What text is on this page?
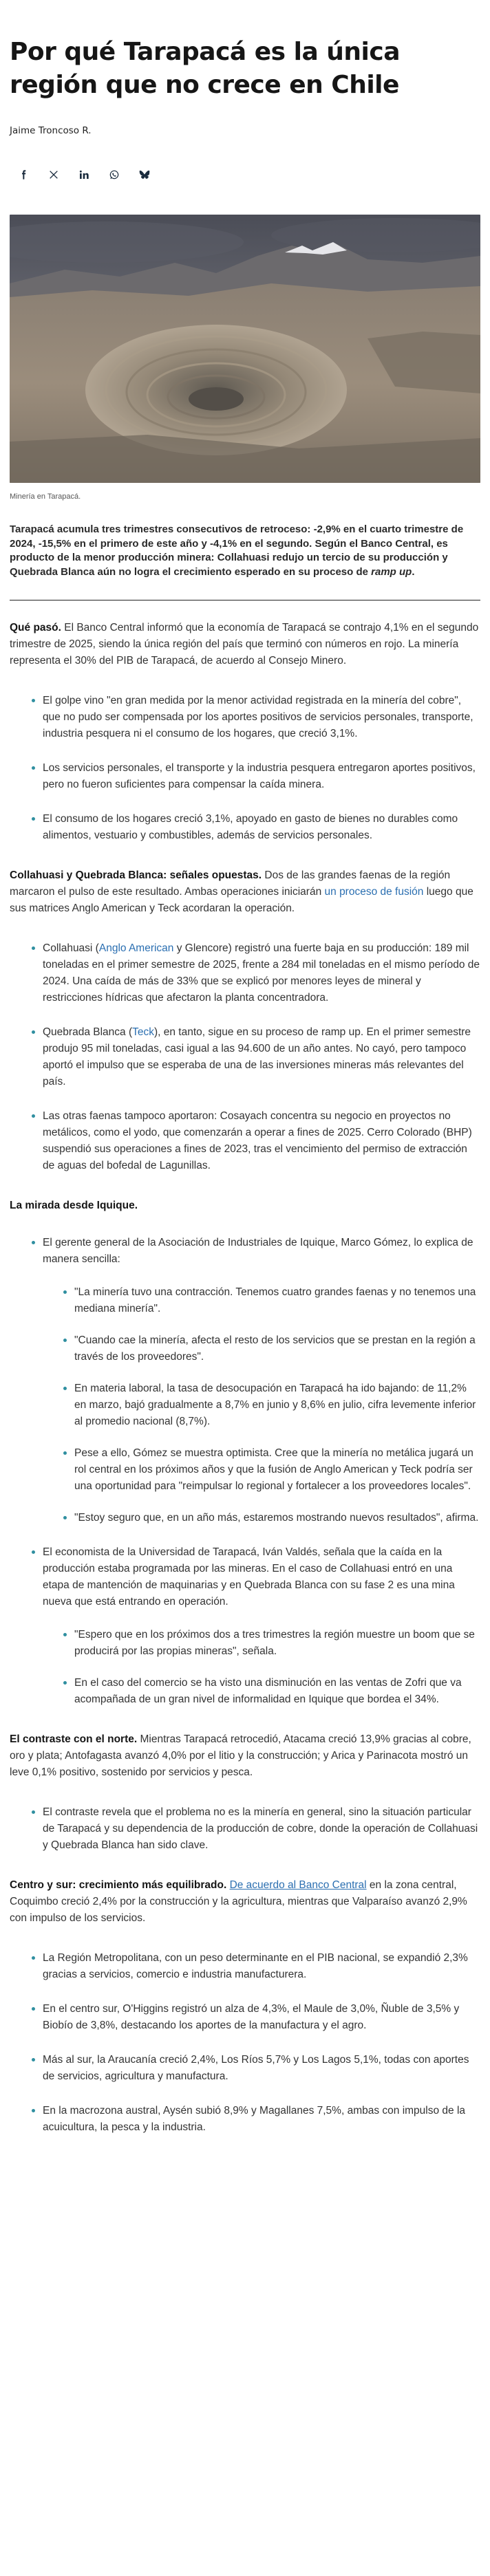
Por qué Tarapacá es la única región que no crece en Chile
Jaime Troncoso R.
Minería en Tarapacá.
Tarapacá acumula tres trimestres consecutivos de retroceso: -2,9% en el cuarto trimestre de 2024, -15,5% en el primero de este año y -4,1% en el segundo. Según el Banco Central, es producto de la menor producción minera: Collahuasi redujo un tercio de su producción y Quebrada Blanca aún no logra el crecimiento esperado en su proceso de ramp up.

Qué pasó. El Banco Central informó que la economía de Tarapacá se contrajo 4,1% en el segundo trimestre de 2025, siendo la única región del país que terminó con números en rojo. La minería representa el 30% del PIB de Tarapacá, de acuerdo al Consejo Minero.

El golpe vino "en gran medida por la menor actividad registrada en la minería del cobre", que no pudo ser compensada por los aportes positivos de servicios personales, transporte, industria pesquera ni el consumo de los hogares, que creció 3,1%.
Los servicios personales, el transporte y la industria pesquera entregaron aportes positivos, pero no fueron suficientes para compensar la caída minera.
El consumo de los hogares creció 3,1%, apoyado en gasto de bienes no durables como alimentos, vestuario y combustibles, además de servicios personales.

Collahuasi y Quebrada Blanca: señales opuestas. Dos de las grandes faenas de la región marcaron el pulso de este resultado. Ambas operaciones iniciarán un proceso de fusión luego que sus matrices Anglo American y Teck acordaran la operación.

Collahuasi (Anglo American y Glencore) registró una fuerte baja en su producción: 189 mil toneladas en el primer semestre de 2025, frente a 284 mil toneladas en el mismo período de 2024. Una caída de más de 33% que se explicó por menores leyes de mineral y restricciones hídricas que afectaron la planta concentradora.
Quebrada Blanca (Teck), en tanto, sigue en su proceso de ramp up. En el primer semestre produjo 95 mil toneladas, casi igual a las 94.600 de un año antes. No cayó, pero tampoco aportó el impulso que se esperaba de una de las inversiones mineras más relevantes del país.
Las otras faenas tampoco aportaron: Cosayach concentra su negocio en proyectos no metálicos, como el yodo, que comenzarán a operar a fines de 2025. Cerro Colorado (BHP) suspendió sus operaciones a fines de 2023, tras el vencimiento del permiso de extracción de aguas del bofedal de Lagunillas.
La mirada desde Iquique.
El gerente general de la Asociación de Industriales de Iquique, Marco Gómez, lo explica de manera sencilla:
"La minería tuvo una contracción. Tenemos cuatro grandes faenas y no tenemos una mediana minería".
"Cuando cae la minería, afecta el resto de los servicios que se prestan en la región a través de los proveedores".
En materia laboral, la tasa de desocupación en Tarapacá ha ido bajando: de 11,2% en marzo, bajó gradualmente a 8,7% en junio y 8,6% en julio, cifra levemente inferior al promedio nacional (8,7%).
Pese a ello, Gómez se muestra optimista. Cree que la minería no metálica jugará un rol central en los próximos años y que la fusión de Anglo American y Teck podría ser una oportunidad para "reimpulsar lo regional y fortalecer a los proveedores locales".
"Estoy seguro que, en un año más, estaremos mostrando nuevos resultados", afirma.
El economista de la Universidad de Tarapacá, Iván Valdés, señala que la caída en la producción estaba programada por las mineras. En el caso de Collahuasi entró en una etapa de mantención de maquinarias y en Quebrada Blanca con su fase 2 es una mina nueva que está entrando en operación.
"Espero que en los próximos dos a tres trimestres la región muestre un boom que se producirá por las propias mineras", señala.
En el caso del comercio se ha visto una disminución en las ventas de Zofri que va acompañada de un gran nivel de informalidad en Iquique que bordea el 34%.

El contraste con el norte. Mientras Tarapacá retrocedió, Atacama creció 13,9% gracias al cobre, oro y plata; Antofagasta avanzó 4,0% por el litio y la construcción; y Arica y Parinacota mostró un leve 0,1% positivo, sostenido por servicios y pesca.

El contraste revela que el problema no es la minería en general, sino la situación particular de Tarapacá y su dependencia de la producción de cobre, donde la operación de Collahuasi y Quebrada Blanca han sido clave.

Centro y sur: crecimiento más equilibrado. De acuerdo al Banco Central en la zona central, Coquimbo creció 2,4% por la construcción y la agricultura, mientras que Valparaíso avanzó 2,9% con impulso de los servicios.

La Región Metropolitana, con un peso determinante en el PIB nacional, se expandió 2,3% gracias a servicios, comercio e industria manufacturera.
En el centro sur, O'Higgins registró un alza de 4,3%, el Maule de 3,0%, Ñuble de 3,5% y Biobío de 3,8%, destacando los aportes de la manufactura y el agro.
Más al sur, la Araucanía creció 2,4%, Los Ríos 5,7% y Los Lagos 5,1%, todas con aportes de servicios, agricultura y manufactura.
En la macrozona austral, Aysén subió 8,9% y Magallanes 7,5%, ambas con impulso de la acuicultura, la pesca y la industria.
